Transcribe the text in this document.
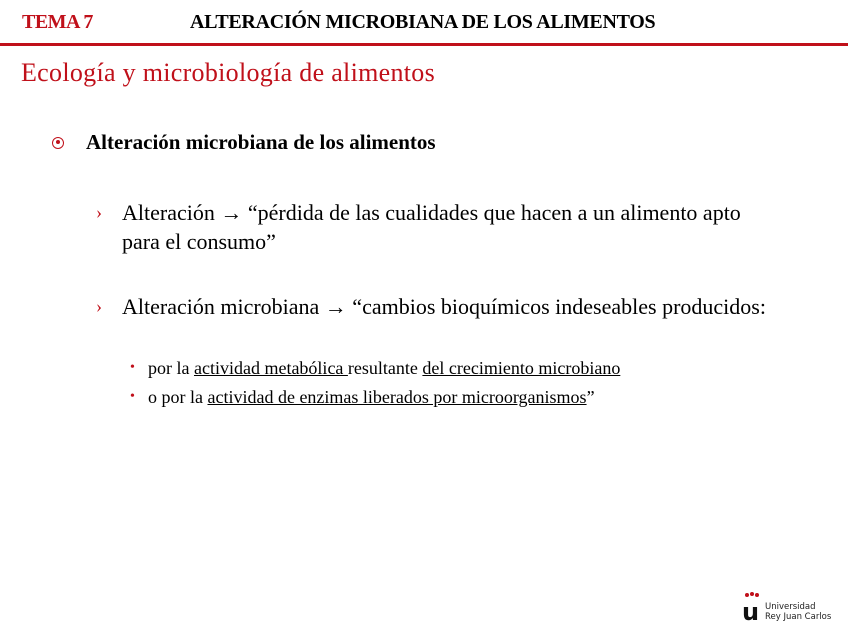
TEMA 7	ALTERACIÓN MICROBIANA DE LOS ALIMENTOS
Ecología y microbiología de alimentos
Alteración microbiana de los alimentos
› Alteración → “pérdida de las cualidades que hacen a un alimento apto para el consumo”
› Alteración microbiana → “cambios bioquímicos indeseables producidos:
• por la actividad metabólica resultante del crecimiento microbiano
• o por la actividad de enzimas liberados por microorganismos”
u Universidad
Rey Juan Carlos
